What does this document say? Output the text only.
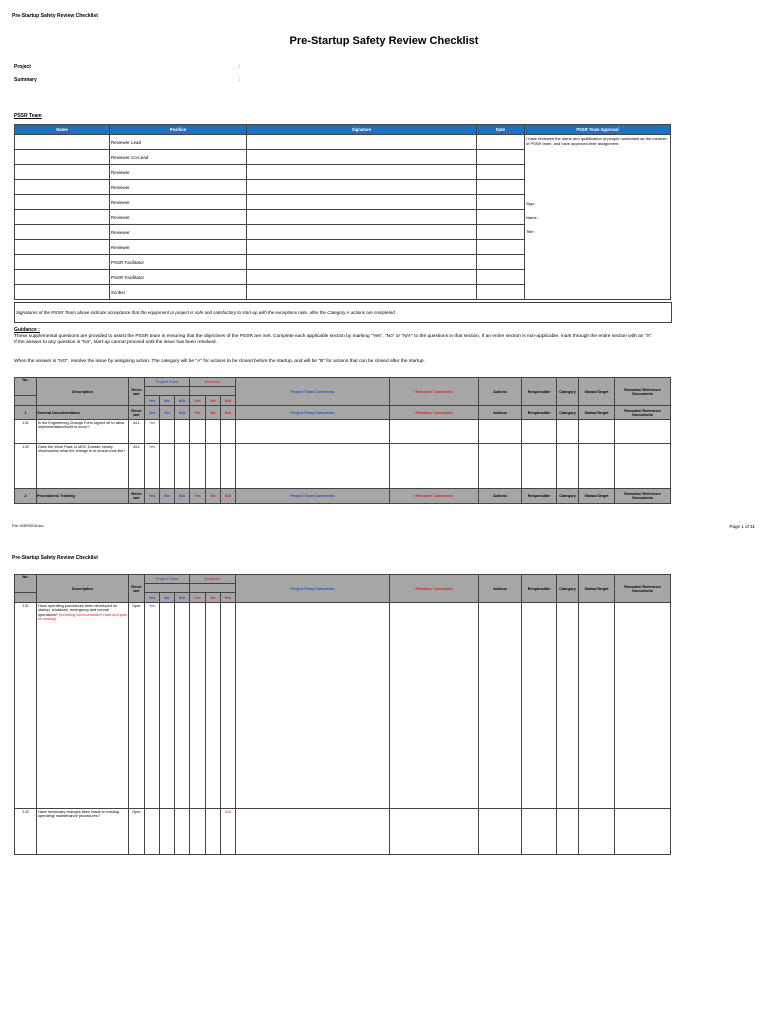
Pre-Startup Safety Review Checklist
Pre-Startup Safety Review Checklist
Project	:
Summary	:
PSSR Team
Name	Position	Signature	Date	PSSR Team Approval
	Reviewer Lead			I have reviewed the name and qualification of people nominated as the member of PSSR team, and have approved their assignment.
Sign :
Name :
Title :

	Reviewer Co-Lead			
	Reviewer			
	Reviewer			
	Reviewer			
	Reviewer			
	Reviewer			
	Reviewer			
	PSSR Facilitator			
	PSSR Facilitator			
	Scriber			
Signatures of the PSSR Team above indicate acceptance that the equipment or project is safe and satisfactory to start-up with the exceptions note, after the Category A actions are completed.
Guidance :
These supplemental questions are provided to assist the PSSR team in ensuring that the objectives of the PSSR are met. Complete each applicable section by marking "Yes", "No" or "N/A" to the questions in that section. If an entire section is non-applicable, mark through the entire section with an "X". If the answer to any question is "No", start-up cannot proceed until the issue has been resolved.
When the answer is "NO", resolve the issue by assigning action. The category will be "A" for actions to be closed before the startup, and will be "B" for actions that can be closed after the startup.
No.	Description	Revie wer	Project Team			Reviewer			Project Team Comments	Reviewer Comments	Actions	Responsible	Category	Status/Target	Remarks/ Reference Documents

			Yes	No	N/A	Yes	No	N/A							
1	General Documentation	Revie wer	Yes	No	N/A	Yes	No	N/A	Project Team Comments	Reviewer Comments	Actions	Responsible	Category	Status/Target	Remarks/ Reference Documents
1.01	Is the Engineering Change Form signed off to allow implementation/build to occur?	ALL	Yes												
1.02	Does the Work Pack or MOC Dossier clearly show/outline what the change is or should look like?	ALL	Yes												
2	Procedures/ Training	Revie wer	Yes	No	N/A	Yes	No	N/A	Project Team Comments	Reviewer Comments	Actions	Responsible	Category	Status/Target	Remarks/ Reference Documents
File: 4SERS018.doc	Page 1 of 31
Pre-Startup Safety Review Checklist
No.	Description	Revie wer	Project Team			Reviewer			Project Team Comments	Reviewer Comments	Actions	Responsible	Category	Status/Target	Remarks/ Reference Documents

			Yes	No	N/A	Yes	No	N/A							
2.01	Have operating procedures been developed for startup, shutdown, emergency and normal operations? (including communication chart and plan for startup)	Oper	Yes												
2.02	Have necessary changes been made to existing operating/ maintenance procedures?	Oper						N/A							
